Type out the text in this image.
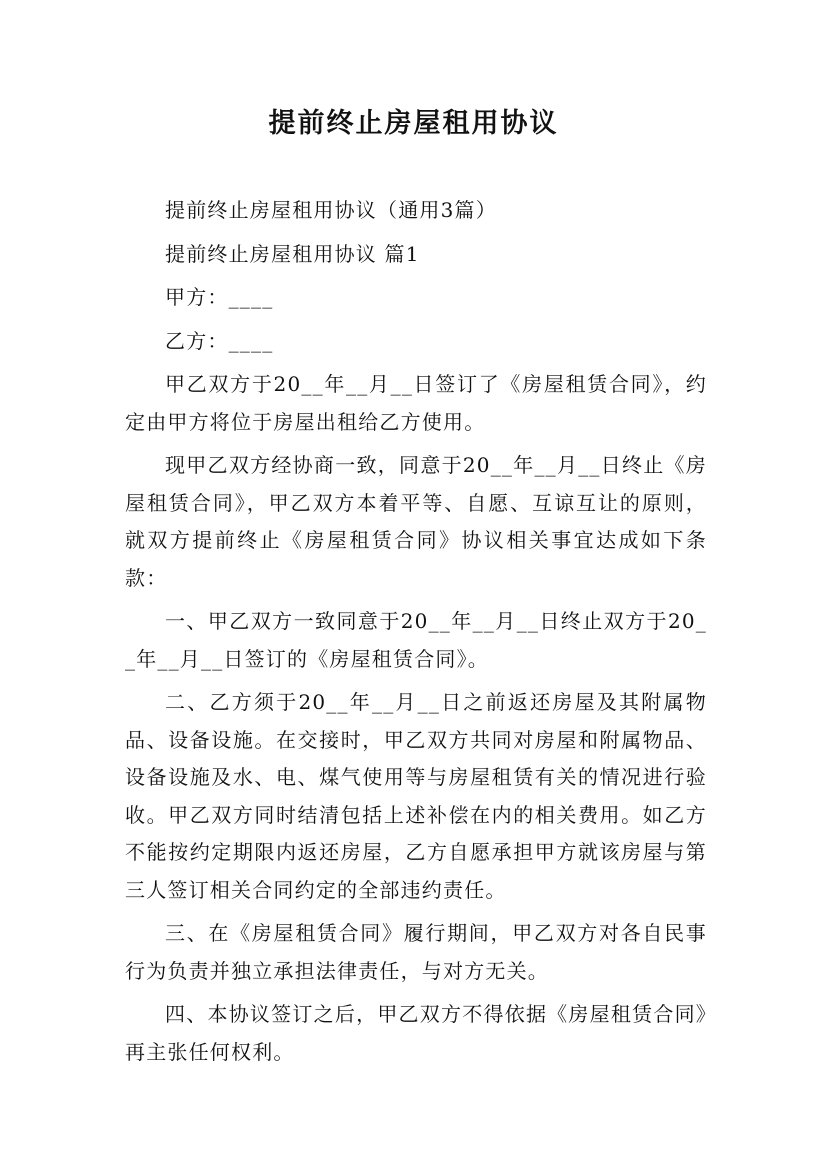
提前终止房屋租用协议

提前终止房屋租用协议（通用3篇）

提前终止房屋租用协议 篇1

甲方：____

乙方：____

甲乙双方于20__年__月__日签订了《房屋租赁合同》，约定由甲方将位于房屋出租给乙方使用。

现甲乙双方经协商一致，同意于20__年__月__日终止《房屋租赁合同》，甲乙双方本着平等、自愿、互谅互让的原则，就双方提前终止《房屋租赁合同》协议相关事宜达成如下条款：

一、甲乙双方一致同意于20__年__月__日终止双方于20__年__月__日签订的《房屋租赁合同》。

二、乙方须于20__年__月__日之前返还房屋及其附属物品、设备设施。在交接时，甲乙双方共同对房屋和附属物品、设备设施及水、电、煤气使用等与房屋租赁有关的情况进行验收。甲乙双方同时结清包括上述补偿在内的相关费用。如乙方不能按约定期限内返还房屋，乙方自愿承担甲方就该房屋与第三人签订相关合同约定的全部违约责任。

三、在《房屋租赁合同》履行期间，甲乙双方对各自民事行为负责并独立承担法律责任，与对方无关。

四、本协议签订之后，甲乙双方不得依据《房屋租赁合同》再主张任何权利。
